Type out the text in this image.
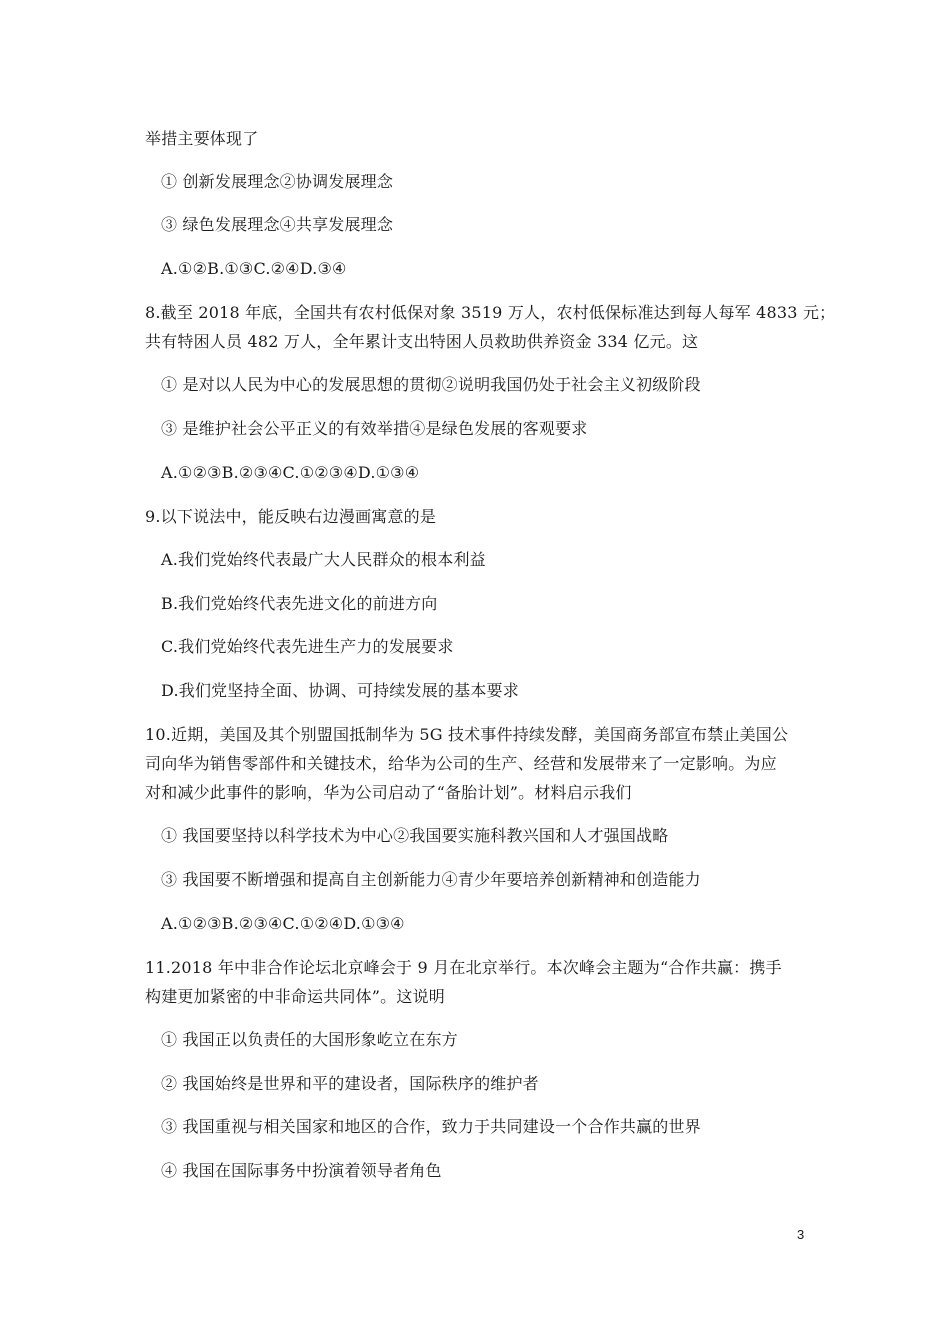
举措主要体现了
① 创新发展理念②协调发展理念
③ 绿色发展理念④共享发展理念
A.①②B.①③C.②④D.③④
8.截至 2018 年底，全国共有农村低保对象 3519 万人，农村低保标准达到每人每军 4833 元；
共有特困人员 482 万人，全年累计支出特困人员救助供养资金 334 亿元。这
① 是对以人民为中心的发展思想的贯彻②说明我国仍处于社会主义初级阶段
③ 是维护社会公平正义的有效举措④是绿色发展的客观要求
A.①②③B.②③④C.①②③④D.①③④
9.以下说法中，能反映右边漫画寓意的是
A.我们党始终代表最广大人民群众的根本利益
B.我们党始终代表先进文化的前进方向
C.我们党始终代表先进生产力的发展要求
D.我们党坚持全面、协调、可持续发展的基本要求
10.近期，美国及其个别盟国抵制华为 5G 技术事件持续发酵，美国商务部宣布禁止美国公
司向华为销售零部件和关键技术，给华为公司的生产、经营和发展带来了一定影响。为应
对和减少此事件的影响，华为公司启动了“备胎计划”。材料启示我们
① 我国要坚持以科学技术为中心②我国要实施科教兴国和人才强国战略
③ 我国要不断增强和提高自主创新能力④青少年要培养创新精神和创造能力
A.①②③B.②③④C.①②④D.①③④
11.2018 年中非合作论坛北京峰会于 9 月在北京举行。本次峰会主题为“合作共赢：携手
构建更加紧密的中非命运共同体”。这说明
① 我国正以负责任的大国形象屹立在东方
② 我国始终是世界和平的建设者，国际秩序的维护者
③ 我国重视与相关国家和地区的合作，致力于共同建设一个合作共赢的世界
④ 我国在国际事务中扮演着领导者角色
3
